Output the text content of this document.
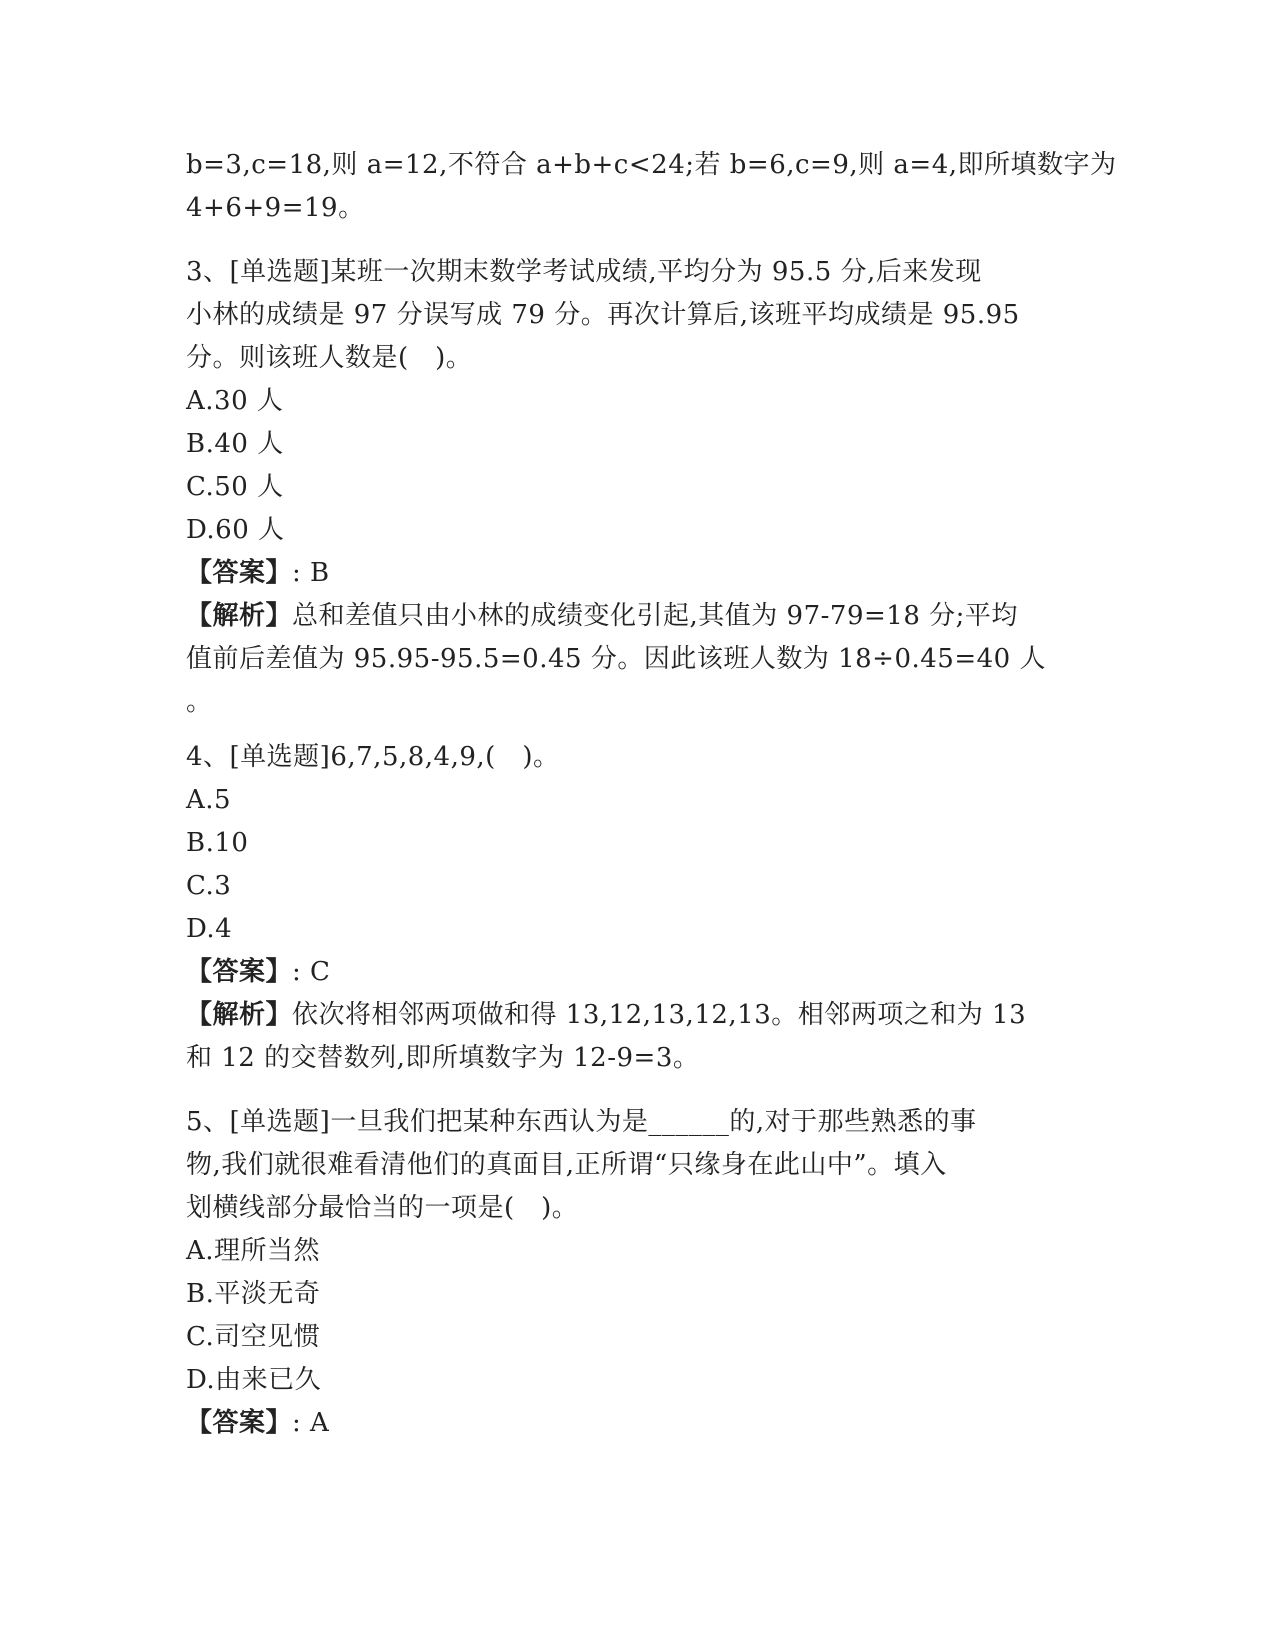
b=3,c=18,则 a=12,不符合 a+b+c<24;若 b=6,c=9,则 a=4,即所填数字为
4+6+9=19。
3、[单选题]某班一次期末数学考试成绩,平均分为 95.5 分,后来发现
小林的成绩是 97 分误写成 79 分。再次计算后,该班平均成绩是 95.95
分。则该班人数是(　)。
A.30 人
B.40 人
C.50 人
D.60 人
【答案】: B
【解析】总和差值只由小林的成绩变化引起,其值为 97-79=18 分;平均
值前后差值为 95.95-95.5=0.45 分。因此该班人数为 18÷0.45=40 人
。
4、[单选题]6,7,5,8,4,9,(　)。
A.5
B.10
C.3
D.4
【答案】: C
【解析】依次将相邻两项做和得 13,12,13,12,13。相邻两项之和为 13
和 12 的交替数列,即所填数字为 12-9=3。
5、[单选题]一旦我们把某种东西认为是______的,对于那些熟悉的事
物,我们就很难看清他们的真面目,正所谓“只缘身在此山中”。填入
划横线部分最恰当的一项是(　)。
A.理所当然
B.平淡无奇
C.司空见惯
D.由来已久
【答案】: A
